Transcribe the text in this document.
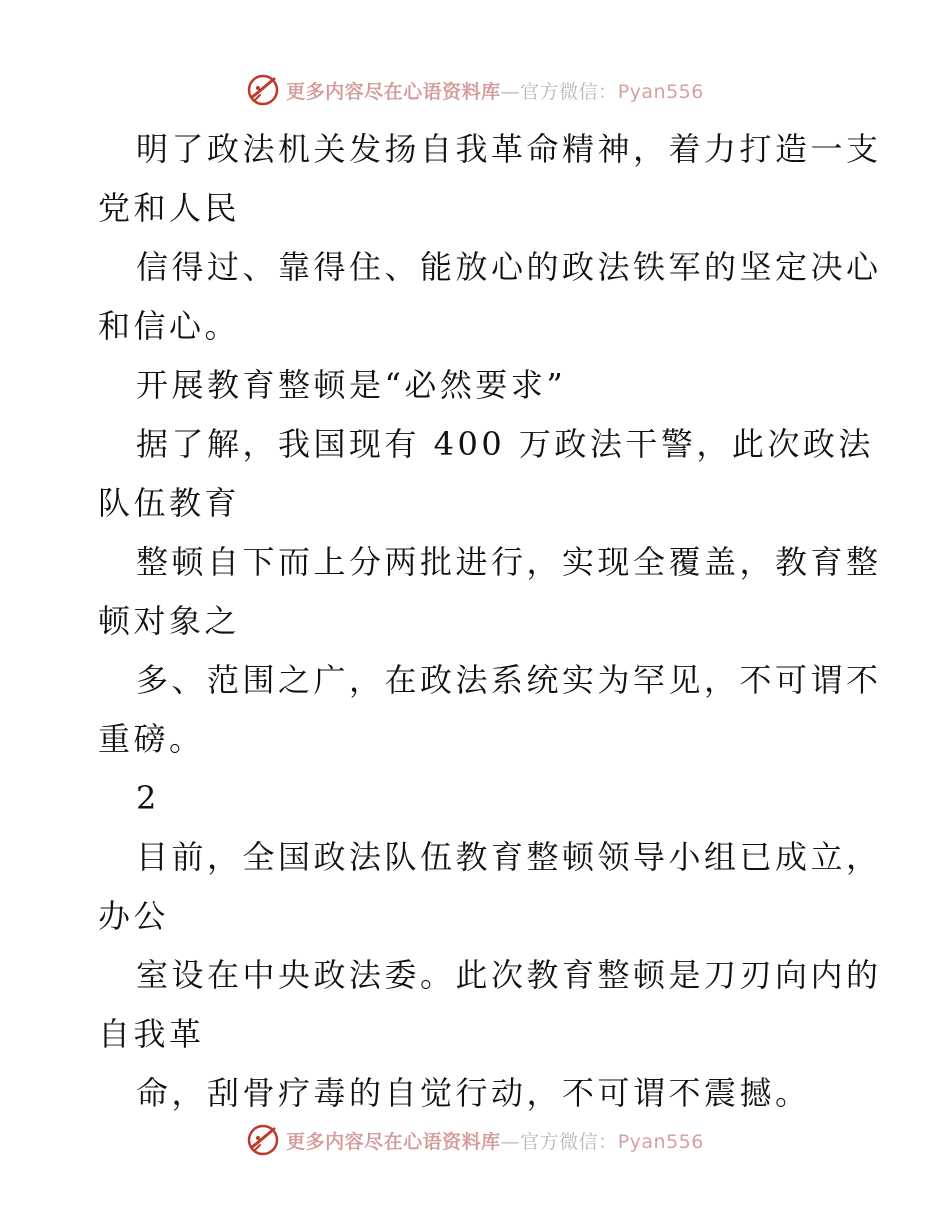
更多内容尽在心语资料库—官方微信：Pyan556
明了政法机关发扬自我革命精神，着力打造一支
党和人民
信得过、靠得住、能放心的政法铁军的坚定决心
和信心。
开展教育整顿是“必然要求”
据了解，我国现有 400 万政法干警，此次政法
队伍教育
整顿自下而上分两批进行，实现全覆盖，教育整
顿对象之
多、范围之广，在政法系统实为罕见，不可谓不
重磅。
2
目前，全国政法队伍教育整顿领导小组已成立，
办公
室设在中央政法委。此次教育整顿是刀刃向内的
自我革
命，刮骨疗毒的自觉行动，不可谓不震撼。
更多内容尽在心语资料库—官方微信：Pyan556
